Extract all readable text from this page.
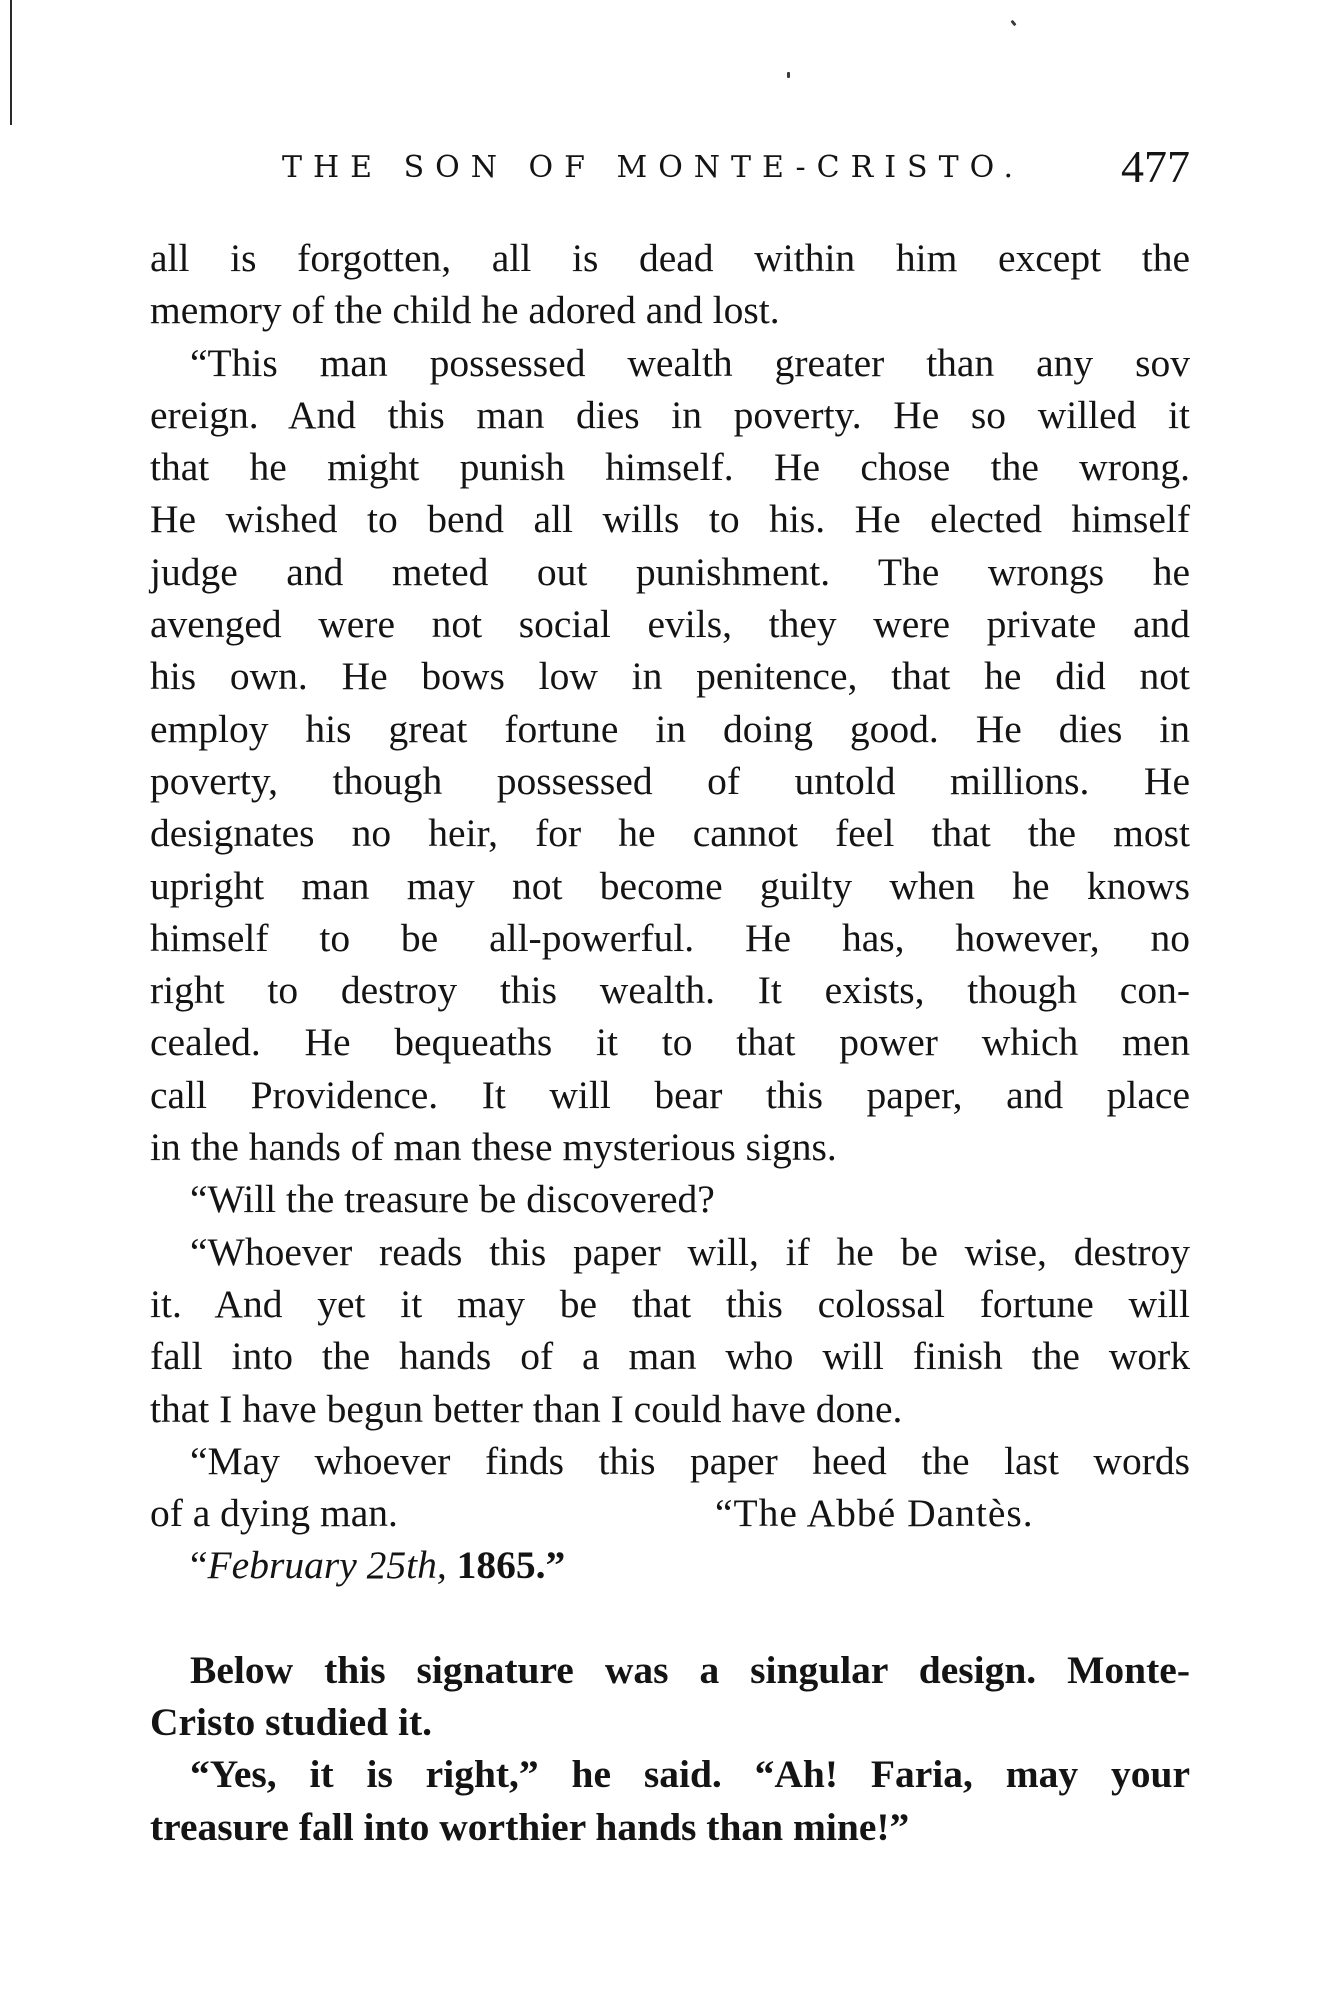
THE SON OF MONTE-CRISTO. 477
all is forgotten, all is dead within him except the
memory of the child he adored and lost.
“This man possessed wealth greater than any sov
ereign. And this man dies in poverty. He so willed it
that he might punish himself. He chose the wrong.
He wished to bend all wills to his. He elected himself
judge and meted out punishment. The wrongs he
avenged were not social evils, they were private and
his own. He bows low in penitence, that he did not
employ his great fortune in doing good. He dies in
poverty, though possessed of untold millions. He
designates no heir, for he cannot feel that the most
upright man may not become guilty when he knows
himself to be all-powerful. He has, however, no
right to destroy this wealth. It exists, though con-
cealed. He bequeaths it to that power which men
call Providence. It will bear this paper, and place
in the hands of man these mysterious signs.
“Will the treasure be discovered?
“Whoever reads this paper will, if he be wise, destroy
it. And yet it may be that this colossal fortune will
fall into the hands of a man who will finish the work
that I have begun better than I could have done.
“May whoever finds this paper heed the last words
of a dying man.	“The Abbé Dantès.
“February 25th, 1865.”
Below this signature was a singular design. Monte-
Cristo studied it.
“Yes, it is right,” he said. “Ah! Faria, may your
treasure fall into worthier hands than mine!”
